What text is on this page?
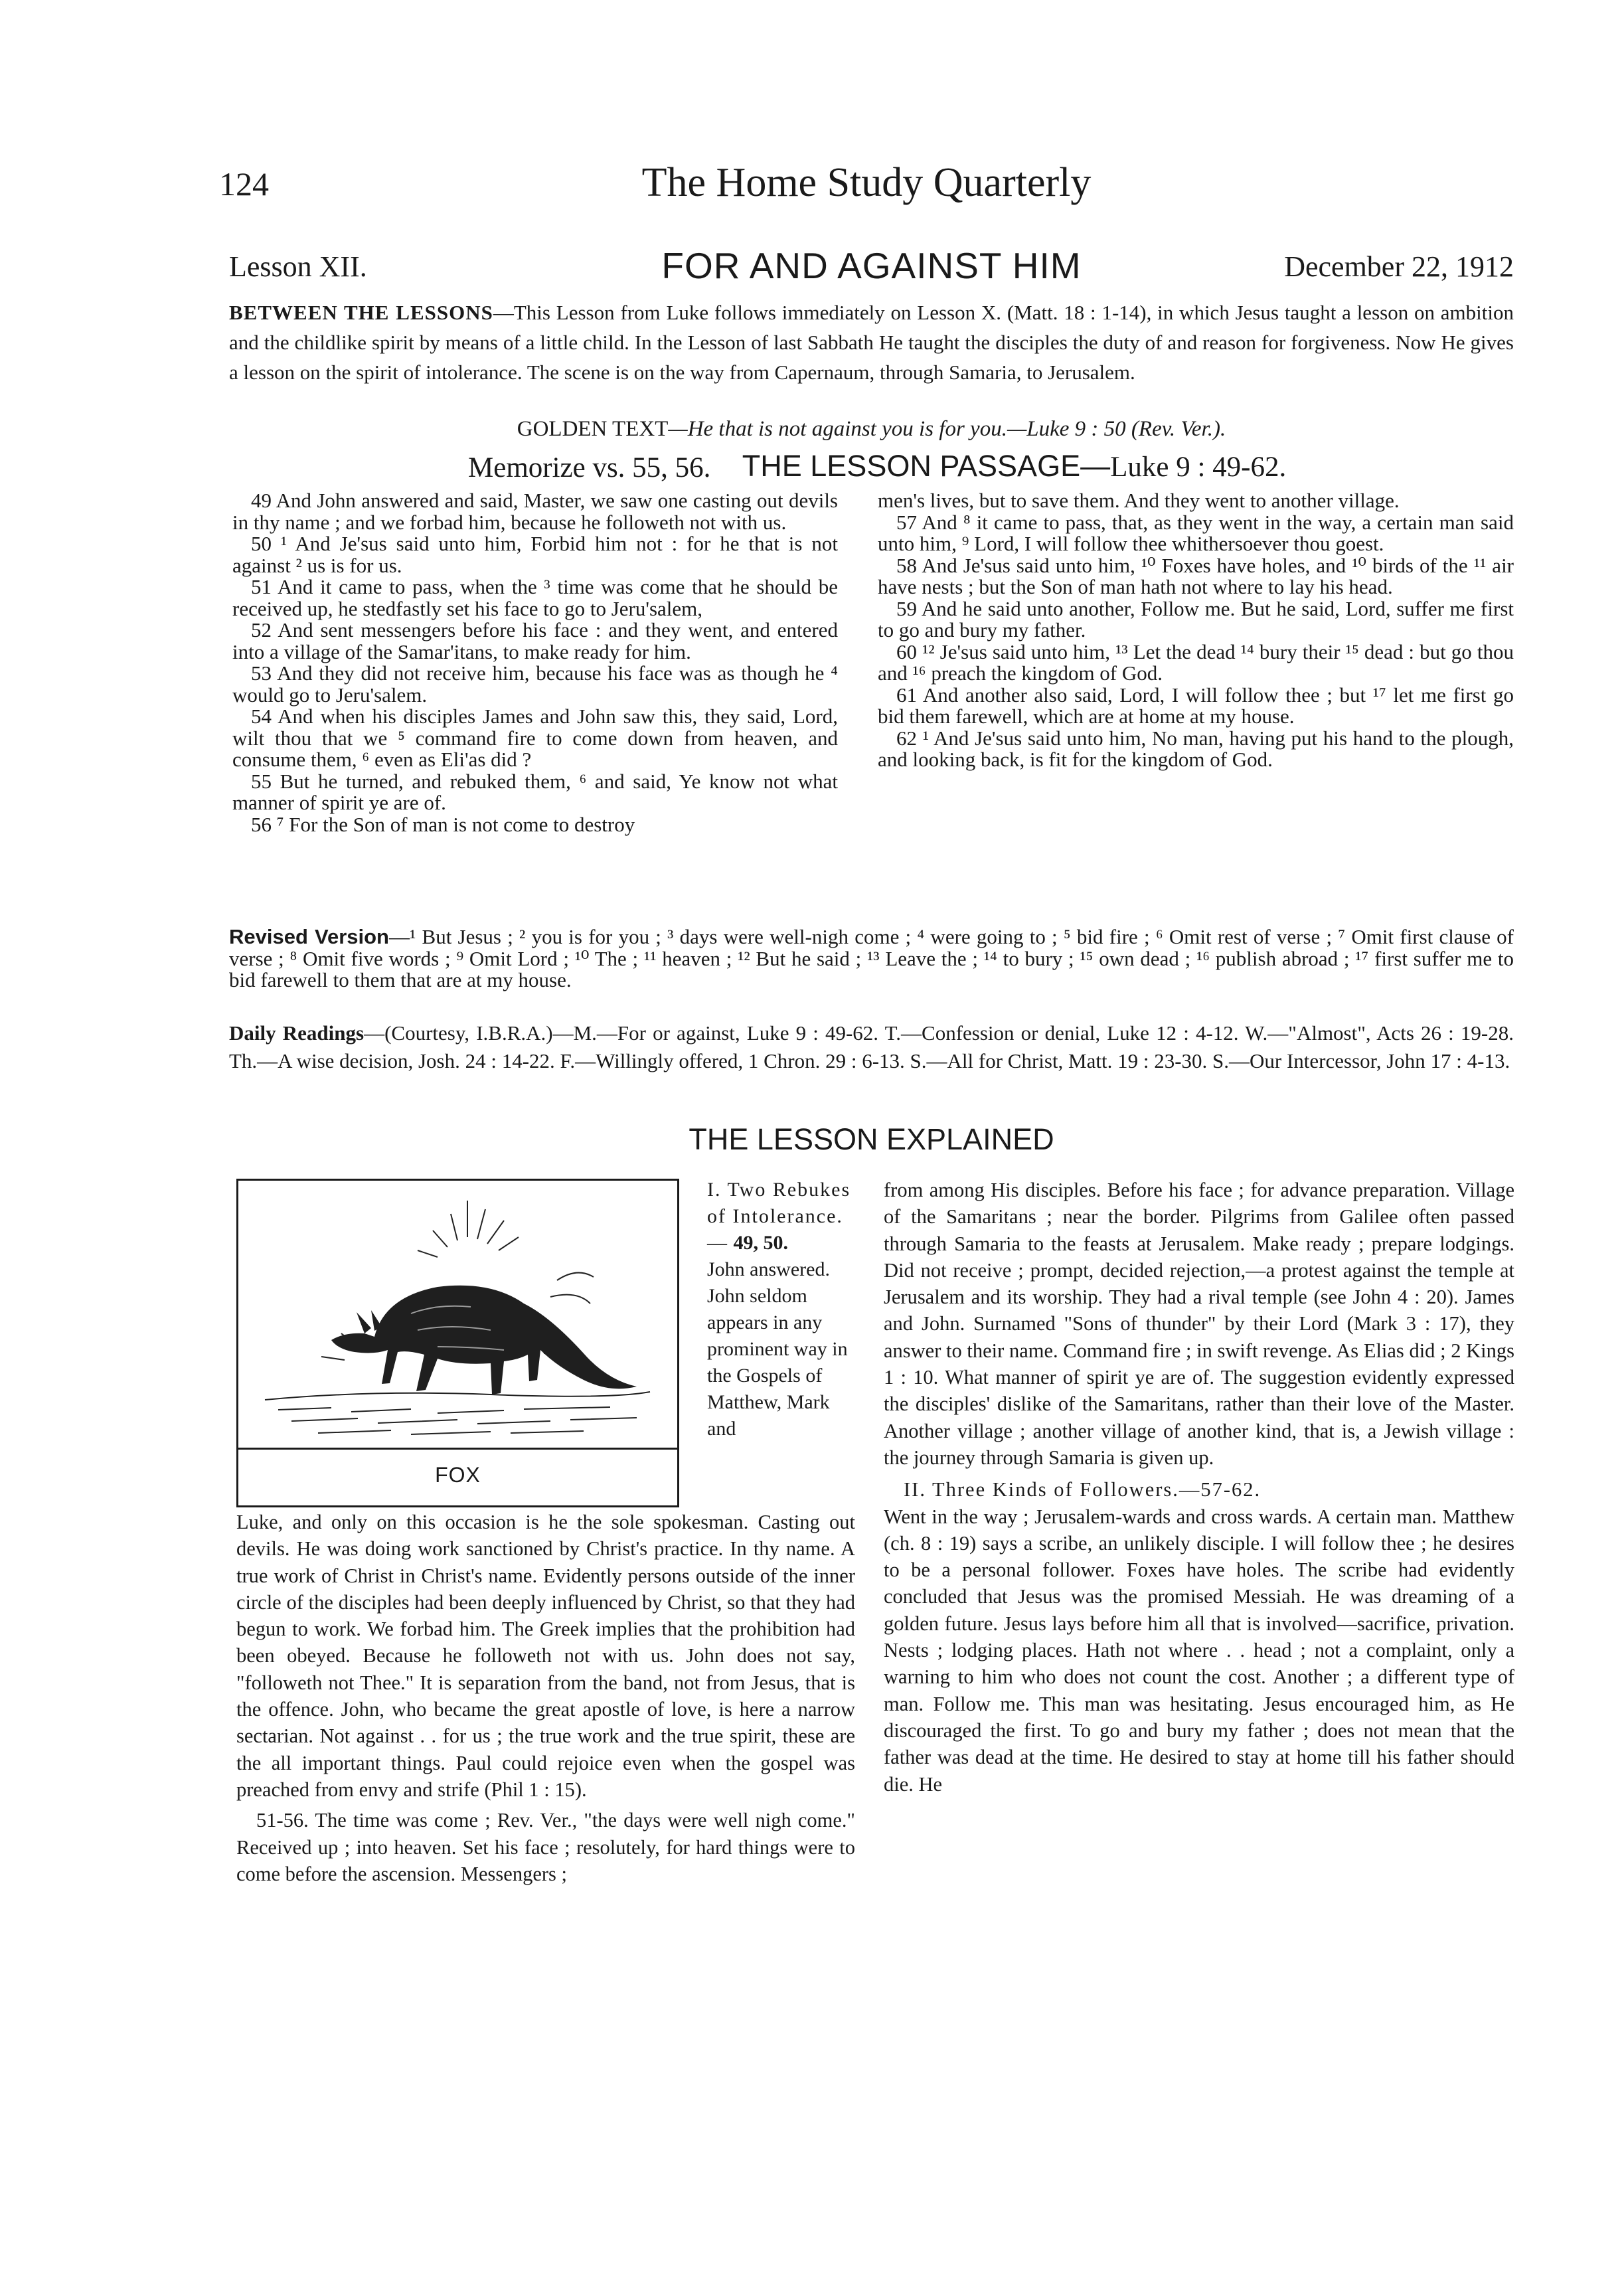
124	The Home Study Quarterly
Lesson XII.	FOR AND AGAINST HIM	December 22, 1912
BETWEEN THE LESSONS—This Lesson from Luke follows immediately on Lesson X. (Matt. 18 : 1-14), in which Jesus taught a lesson on ambition and the childlike spirit by means of a little child. In the Lesson of last Sabbath He taught the disciples the duty of and reason for forgiveness. Now He gives a lesson on the spirit of intolerance. The scene is on the way from Capernaum, through Samaria, to Jerusalem.
GOLDEN TEXT—He that is not against you is for you.—Luke 9 : 50 (Rev. Ver.).
Memorize vs. 55, 56.	THE LESSON PASSAGE—Luke 9 : 49-62.

49 And John answered and said, Master, we saw one casting out devils in thy name ; and we forbad him, because he followeth not with us.

50 ¹ And Je'sus said unto him, Forbid him not : for he that is not against ² us is for us.

51 And it came to pass, when the ³ time was come that he should be received up, he stedfastly set his face to go to Jeru'salem,

52 And sent messengers before his face : and they went, and entered into a village of the Samar'itans, to make ready for him.

53 And they did not receive him, because his face was as though he ⁴ would go to Jeru'salem.

54 And when his disciples James and John saw this, they said, Lord, wilt thou that we ⁵ command fire to come down from heaven, and consume them, ⁶ even as Eli'as did ?

55 But he turned, and rebuked them, ⁶ and said, Ye know not what manner of spirit ye are of.

56 ⁷ For the Son of man is not come to destroy

men's lives, but to save them. And they went to another village.

57 And ⁸ it came to pass, that, as they went in the way, a certain man said unto him, ⁹ Lord, I will follow thee whithersoever thou goest.

58 And Je'sus said unto him, ¹⁰ Foxes have holes, and ¹⁰ birds of the ¹¹ air have nests ; but the Son of man hath not where to lay his head.

59 And he said unto another, Follow me. But he said, Lord, suffer me first to go and bury my father.

60 ¹² Je'sus said unto him, ¹³ Let the dead ¹⁴ bury their ¹⁵ dead : but go thou and ¹⁶ preach the kingdom of God.

61 And another also said, Lord, I will follow thee ; but ¹⁷ let me first go bid them farewell, which are at home at my house.

62 ¹ And Je'sus said unto him, No man, having put his hand to the plough, and looking back, is fit for the kingdom of God.

Revised Version—¹ But Jesus ; ² you is for you ; ³ days were well-nigh come ; ⁴ were going to ; ⁵ bid fire ; ⁶ Omit rest of verse ; ⁷ Omit first clause of verse ; ⁸ Omit five words ; ⁹ Omit Lord ; ¹⁰ The ; ¹¹ heaven ; ¹² But he said ; ¹³ Leave the ; ¹⁴ to bury ; ¹⁵ own dead ; ¹⁶ publish abroad ; ¹⁷ first suffer me to bid farewell to them that are at my house.
Daily Readings—(Courtesy, I.B.R.A.)—M.—For or against, Luke 9 : 49-62. T.—Confession or denial, Luke 12 : 4-12. W.—"Almost", Acts 26 : 19-28. Th.—A wise decision, Josh. 24 : 14-22. F.—Willingly offered, 1 Chron. 29 : 6-13. S.—All for Christ, Matt. 19 : 23-30. S.—Our Intercessor, John 17 : 4-13.
THE LESSON EXPLAINED
FOX

I. Two Rebukes of Intolerance.— 49, 50.

John answered. John seldom appears in any prominent way in the Gospels of Matthew, Mark and

Luke, and only on this occasion is he the sole spokesman. Casting out devils. He was doing work sanctioned by Christ's practice. In thy name. A true work of Christ in Christ's name. Evidently persons outside of the inner circle of the disciples had been deeply influenced by Christ, so that they had begun to work. We forbad him. The Greek implies that the prohibition had been obeyed. Because he followeth not with us. John does not say, "followeth not Thee." It is separation from the band, not from Jesus, that is the offence. John, who became the great apostle of love, is here a narrow sectarian. Not against . . for us ; the true work and the true spirit, these are the all important things. Paul could rejoice even when the gospel was preached from envy and strife (Phil 1 : 15).

51-56. The time was come ; Rev. Ver., "the days were well nigh come." Received up ; into heaven. Set his face ; resolutely, for hard things were to come before the ascension. Messengers ;

from among His disciples. Before his face ; for advance preparation. Village of the Samaritans ; near the border. Pilgrims from Galilee often passed through Samaria to the feasts at Jerusalem. Make ready ; prepare lodgings. Did not receive ; prompt, decided rejection,—a protest against the temple at Jerusalem and its worship. They had a rival temple (see John 4 : 20). James and John. Surnamed "Sons of thunder" by their Lord (Mark 3 : 17), they answer to their name. Command fire ; in swift revenge. As Elias did ; 2 Kings 1 : 10. What manner of spirit ye are of. The suggestion evidently expressed the disciples' dislike of the Samaritans, rather than their love of the Master. Another village ; another village of another kind, that is, a Jewish village : the journey through Samaria is given up.

II. Three Kinds of Followers.—57-62.

Went in the way ; Jerusalem-wards and cross wards. A certain man. Matthew (ch. 8 : 19) says a scribe, an unlikely disciple. I will follow thee ; he desires to be a personal follower. Foxes have holes. The scribe had evidently concluded that Jesus was the promised Messiah. He was dreaming of a golden future. Jesus lays before him all that is involved—sacrifice, privation. Nests ; lodging places. Hath not where . . head ; not a complaint, only a warning to him who does not count the cost. Another ; a different type of man. Follow me. This man was hesitating. Jesus encouraged him, as He discouraged the first. To go and bury my father ; does not mean that the father was dead at the time. He desired to stay at home till his father should die. He
